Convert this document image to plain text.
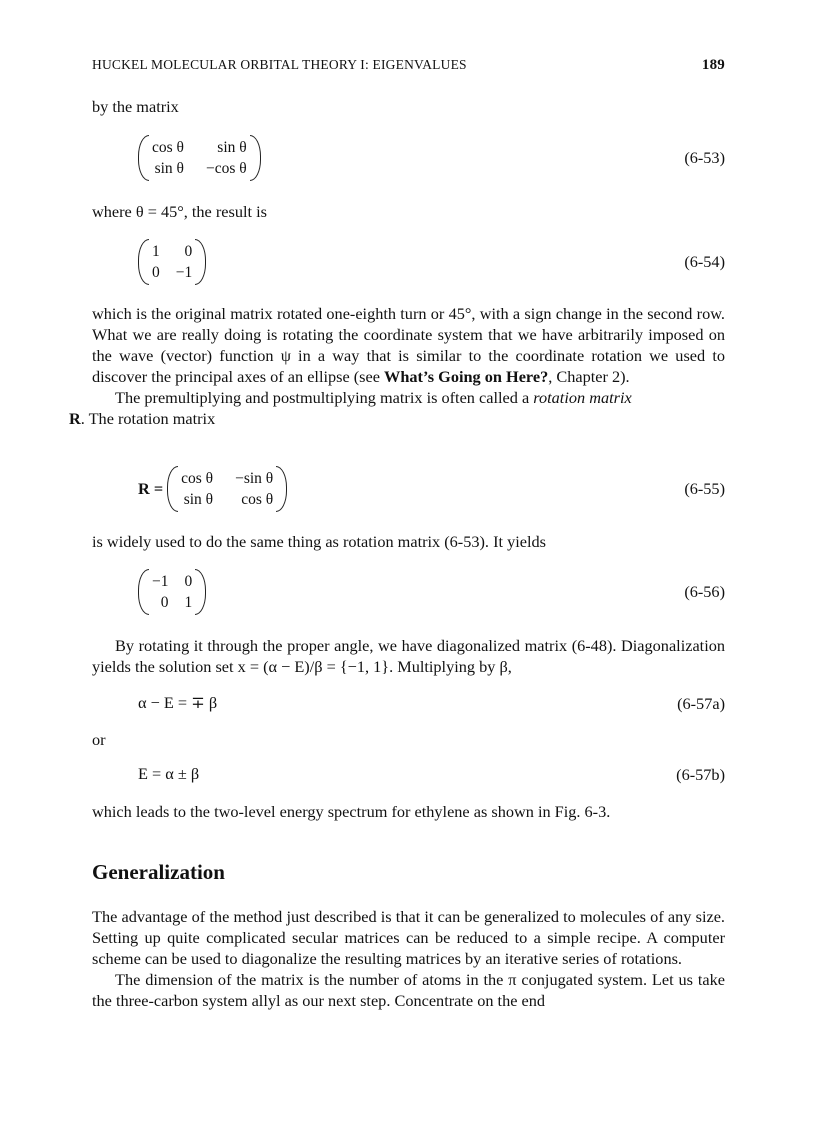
HUCKEL MOLECULAR ORBITAL THEORY I: EIGENVALUES	189
by the matrix
cos θ	sin θ
sin θ −cos θ
(6-53)
where θ = 45°, the result is
1	0
0 −1
(6-54)

which is the original matrix rotated one-eighth turn or 45°, with a sign change in the second row. What we are really doing is rotating the coordinate system that we have arbitrarily imposed on the wave (vector) function ψ in a way that is similar to the coordinate rotation we used to discover the principal axes of an ellipse (see What’s Going on Here?, Chapter 2).

The premultiplying and postmultiplying matrix is often called a rotation matrix
R. The rotation matrix

R =
cos θ −sin θ
sin θ	cos θ
(6-55)
is widely used to do the same thing as rotation matrix (6-53). It yields
−1 0
0 1
(6-56)

By rotating it through the proper angle, we have diagonalized matrix (6-48). Diagonalization yields the solution set x = (α − E)/β = {−1, 1}. Multiplying by β,

α − E = ∓ β	(6-57a)
or
E = α ± β	(6-57b)
which leads to the two-level energy spectrum for ethylene as shown in Fig. 6-3.
Generalization

The advantage of the method just described is that it can be generalized to molecules of any size. Setting up quite complicated secular matrices can be reduced to a simple recipe. A computer scheme can be used to diagonalize the resulting matrices by an iterative series of rotations.

The dimension of the matrix is the number of atoms in the π conjugated system. Let us take the three-carbon system allyl as our next step. Concentrate on the end
